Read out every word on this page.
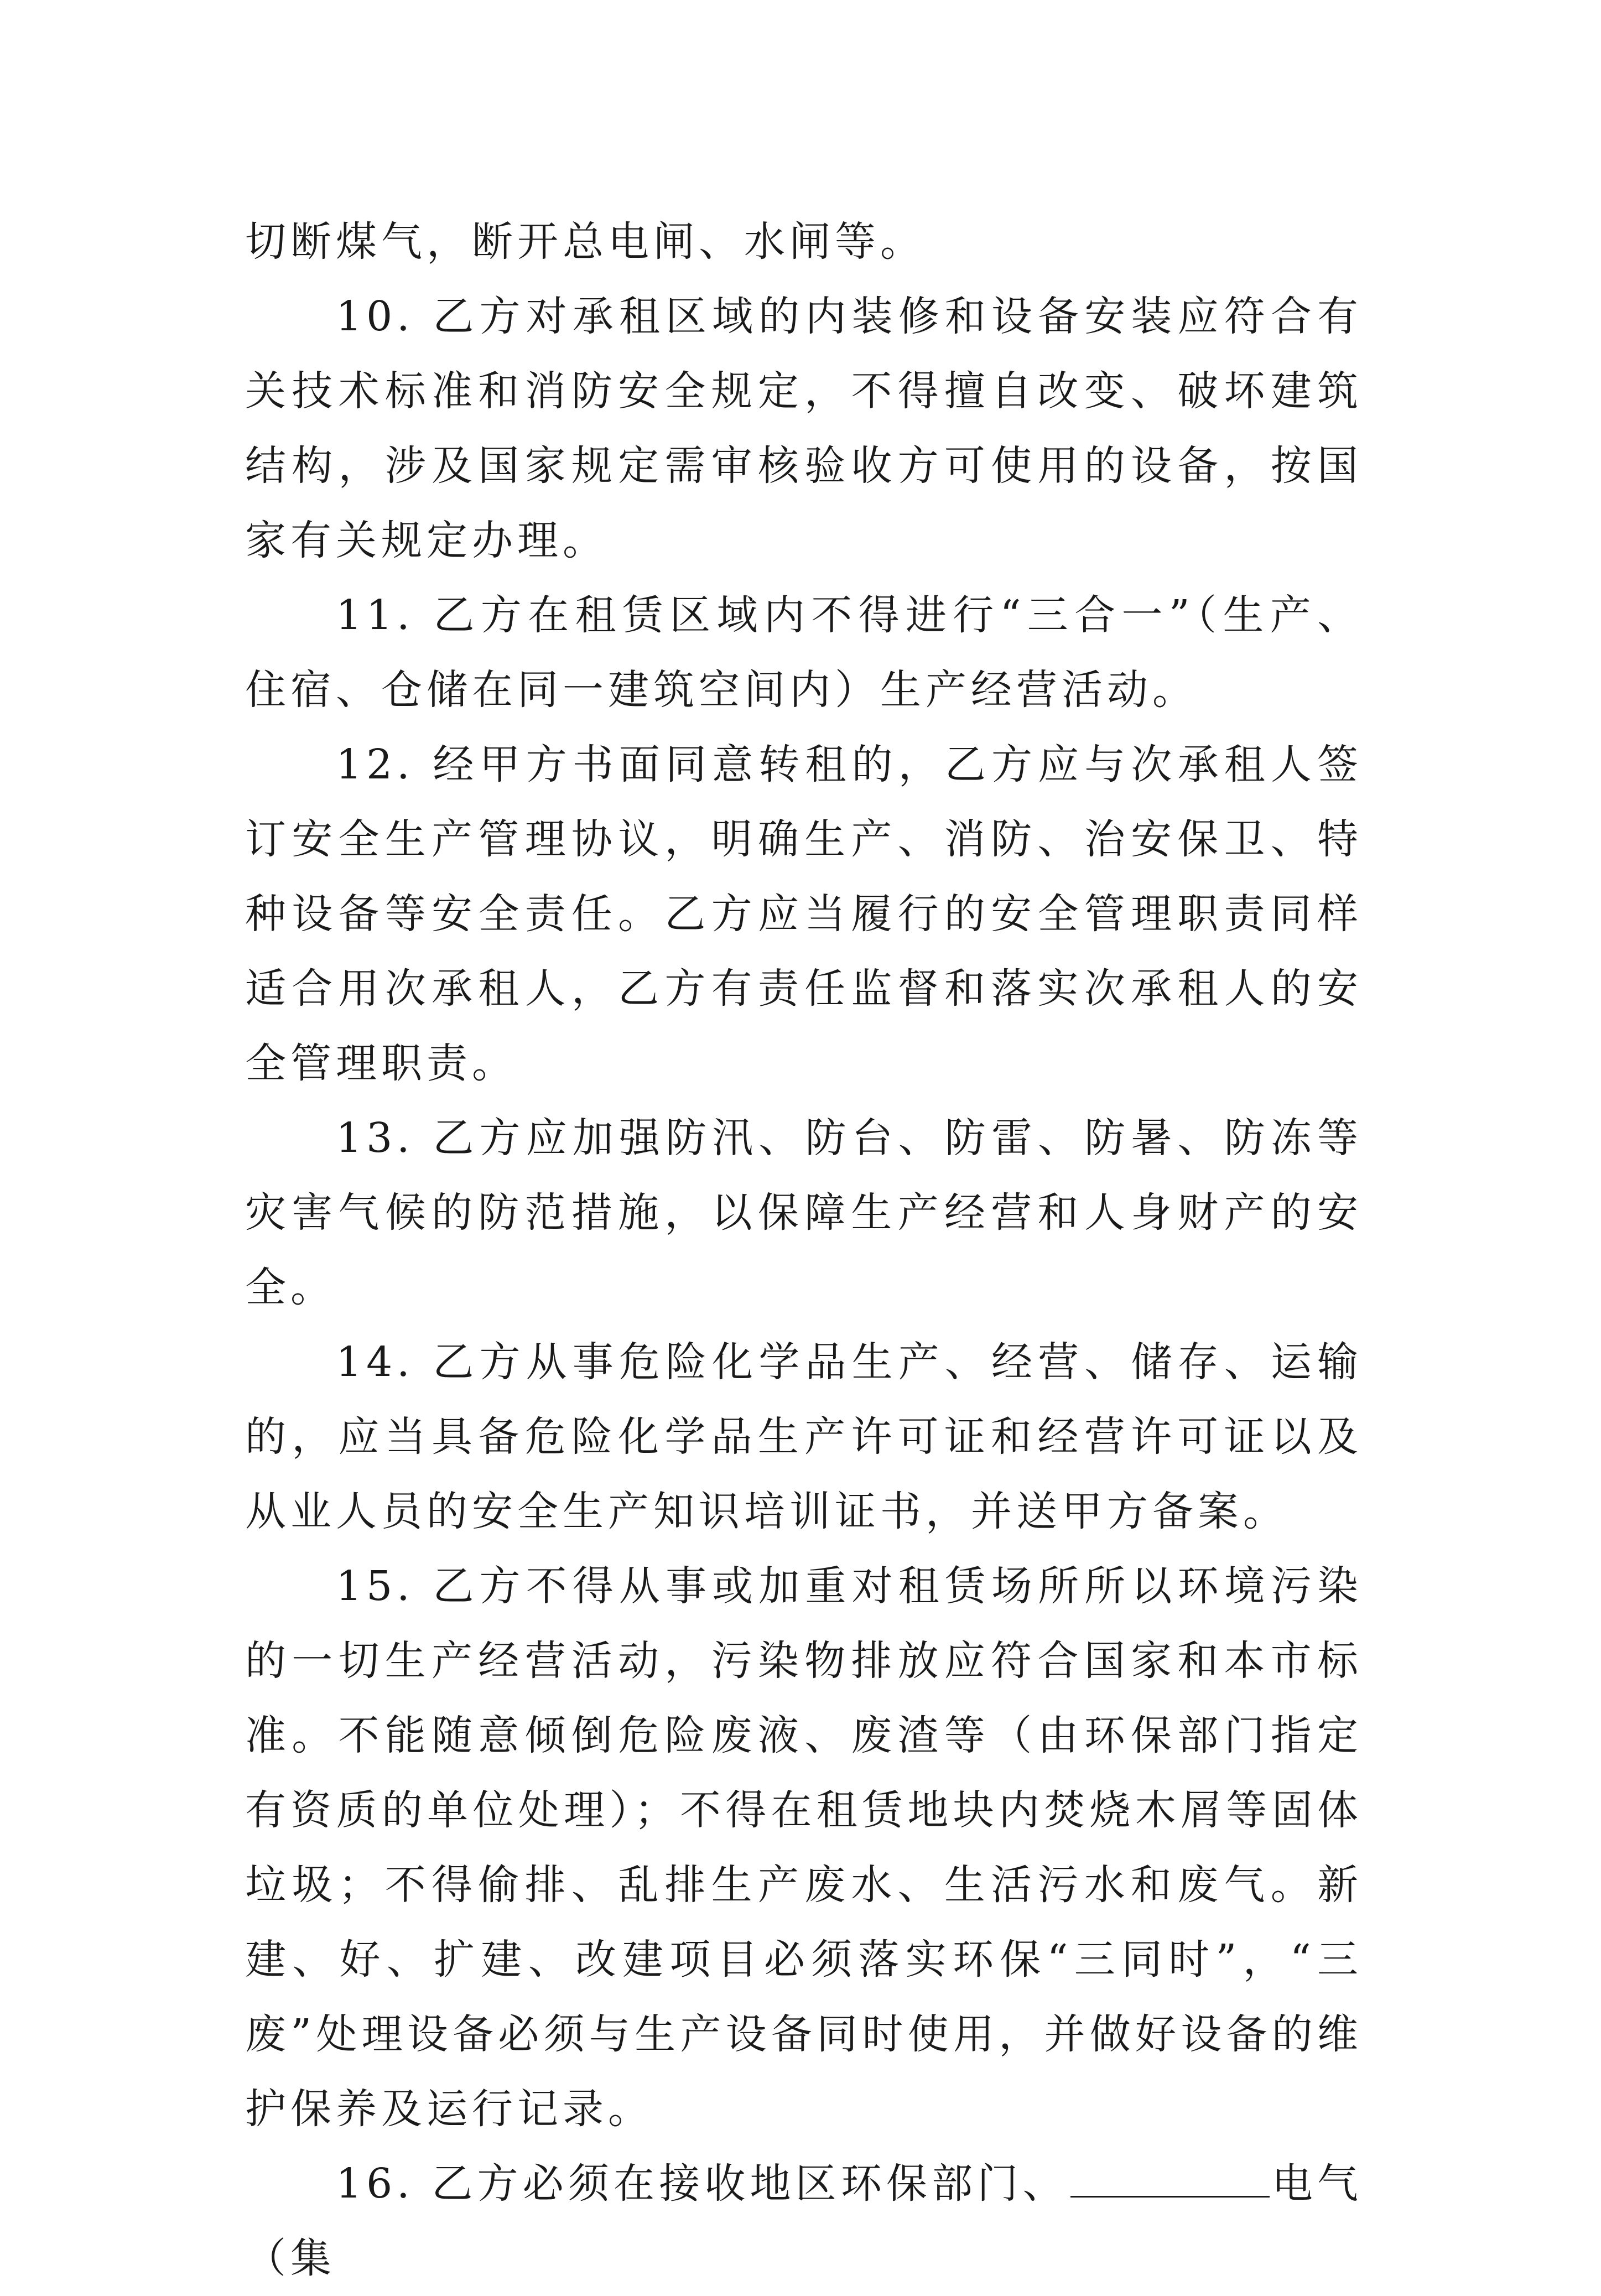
切断煤气，断开总电闸、水闸等。

10. 乙方对承租区域的内装修和设备安装应符合有关技术标准和消防安全规定，不得擅自改变、破坏建筑结构，涉及国家规定需审核验收方可使用的设备，按国家有关规定办理。

11. 乙方在租赁区域内不得进行“三合一”（生产、住宿、仓储在同一建筑空间内）生产经营活动。

12. 经甲方书面同意转租的，乙方应与次承租人签订安全生产管理协议，明确生产、消防、治安保卫、特种设备等安全责任。乙方应当履行的安全管理职责同样适合用次承租人，乙方有责任监督和落实次承租人的安全管理职责。

13. 乙方应加强防汛、防台、防雷、防暑、防冻等灾害气候的防范措施，以保障生产经营和人身财产的安全。

14. 乙方从事危险化学品生产、经营、储存、运输的，应当具备危险化学品生产许可证和经营许可证以及从业人员的安全生产知识培训证书，并送甲方备案。

15. 乙方不得从事或加重对租赁场所所以环境污染的一切生产经营活动，污染物排放应符合国家和本市标准。不能随意倾倒危险废液、废渣等（由环保部门指定有资质的单位处理）；不得在租赁地块内焚烧木屑等固体垃圾；不得偷排、乱排生产废水、生活污水和废气。新建、好、扩建、改建项目必须落实环保“三同时”，“三废”处理设备必须与生产设备同时使用，并做好设备的维护保养及运行记录。

16. 乙方必须在接收地区环保部门、	电气（集
